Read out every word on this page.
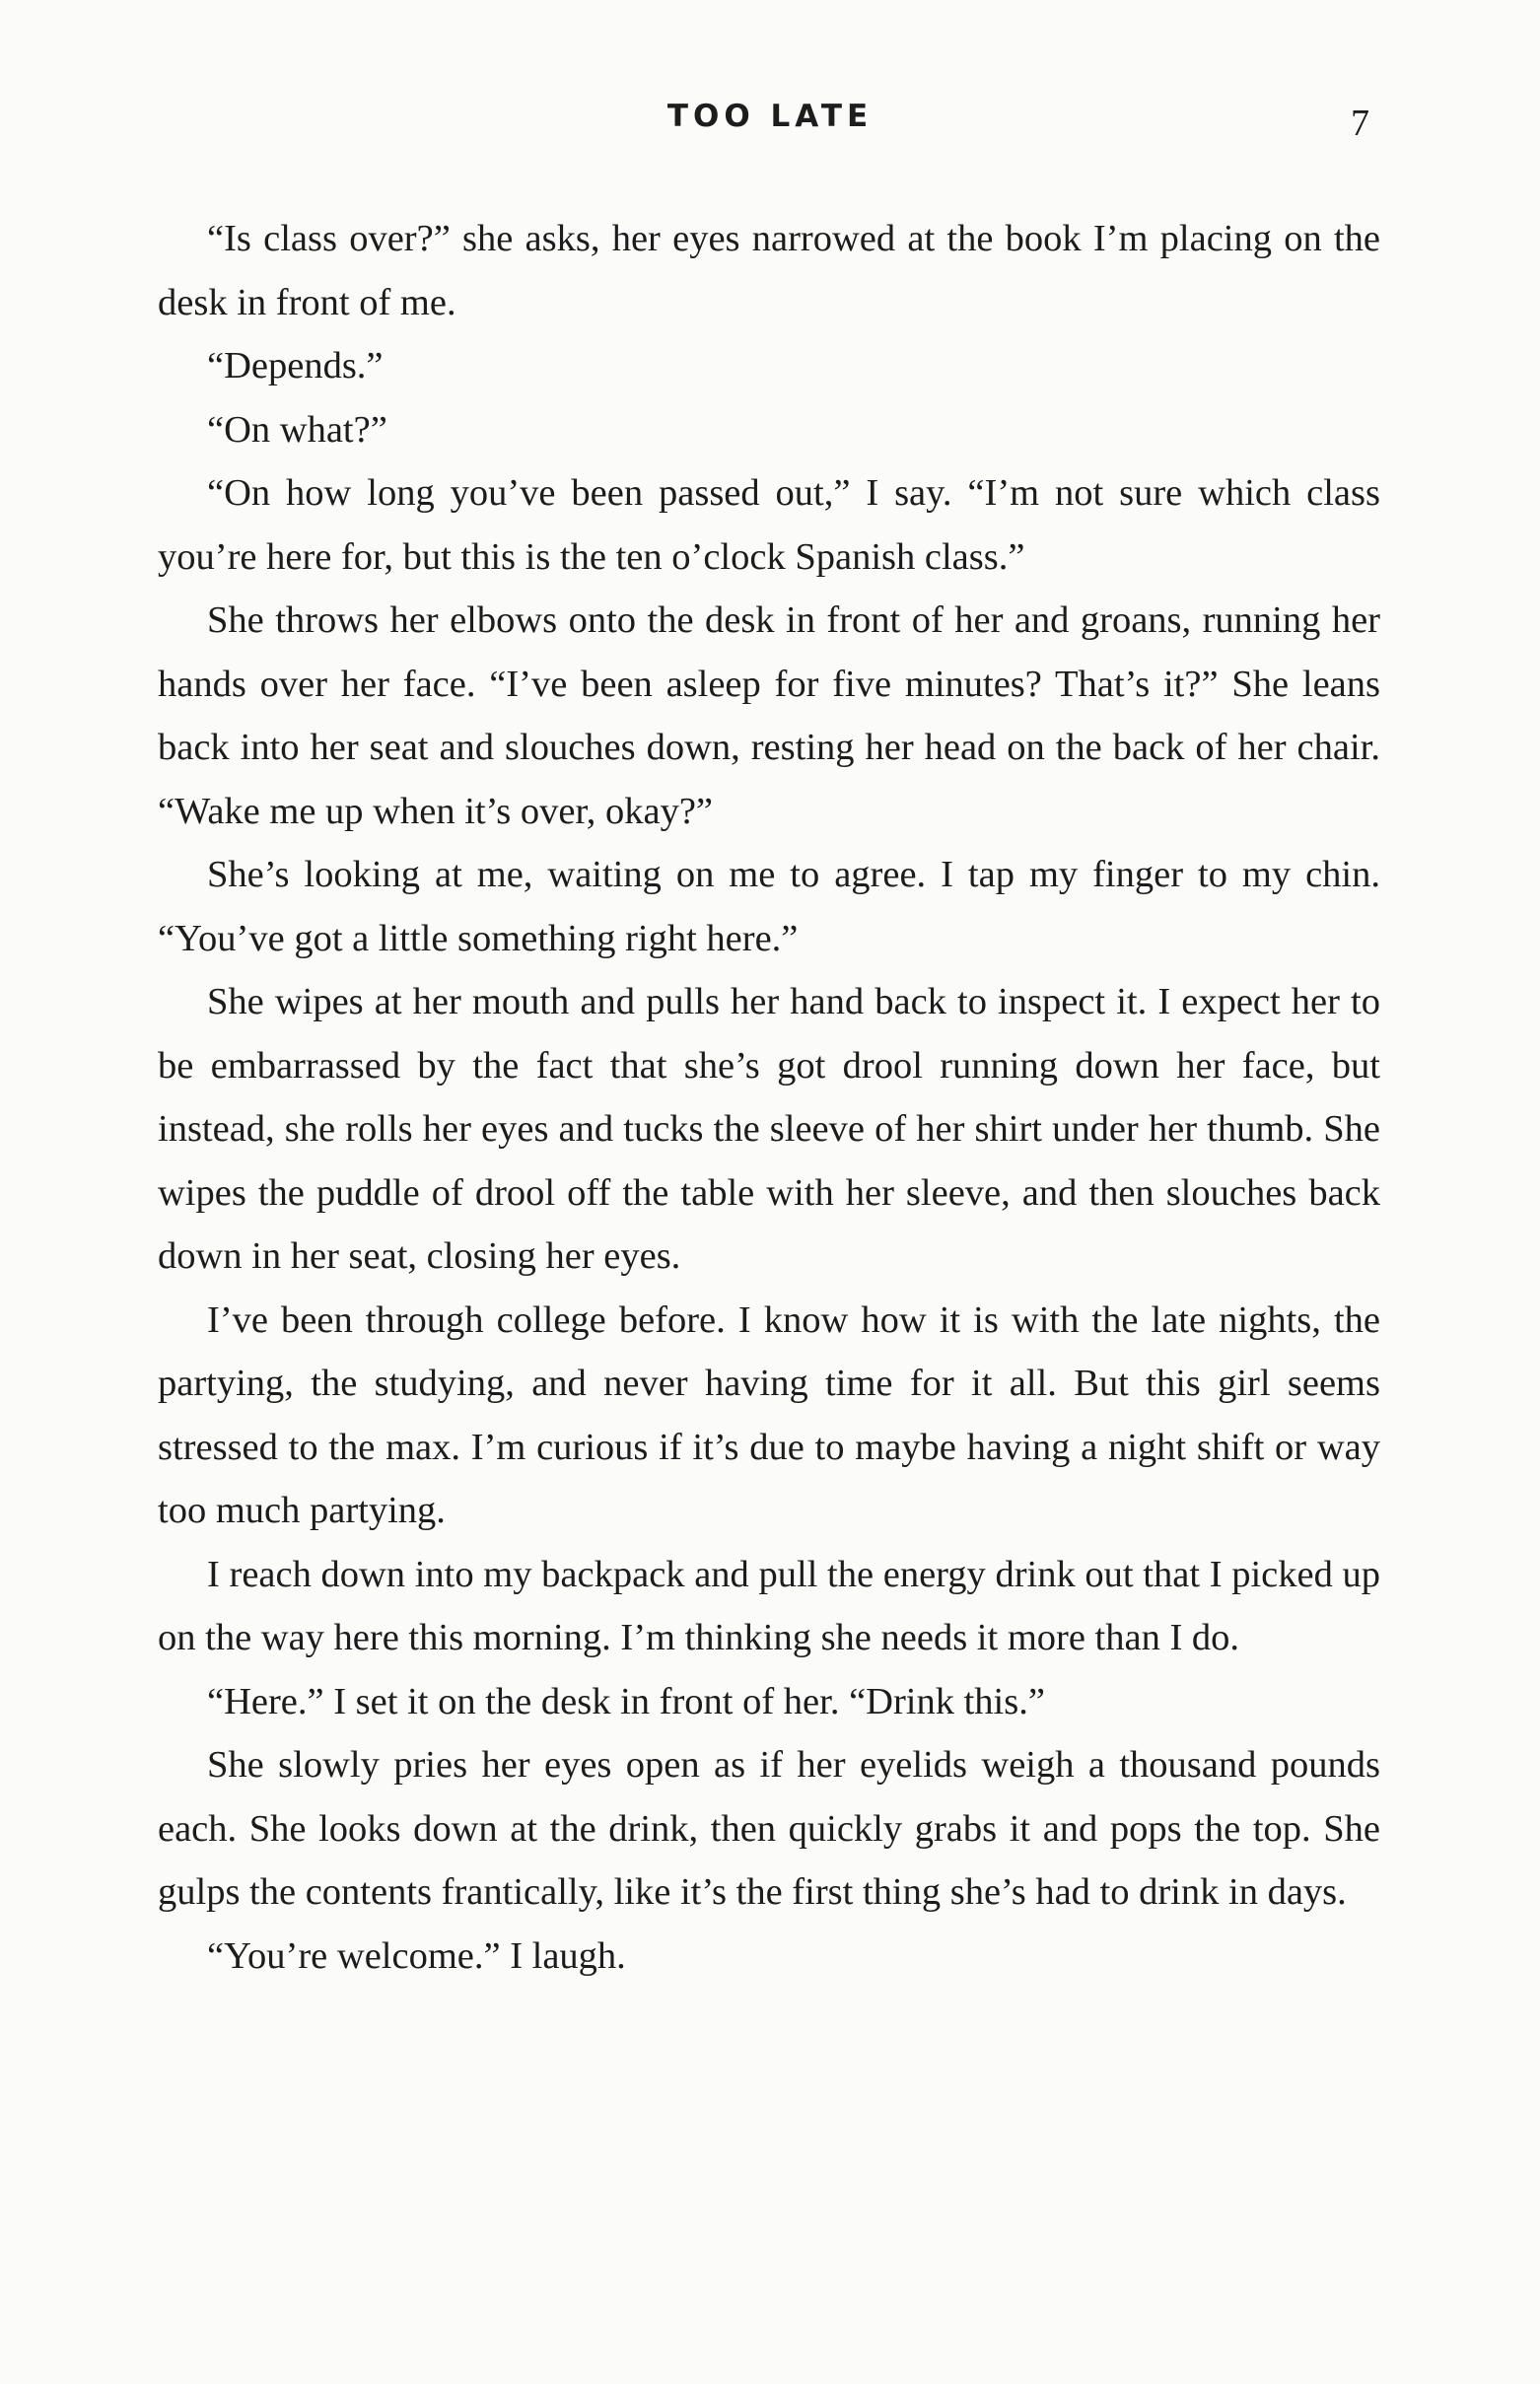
TOO LATE	7

“Is class over?” she asks, her eyes narrowed at the book I’m placing on the desk in front of me.

“Depends.”

“On what?”

“On how long you’ve been passed out,” I say. “I’m not sure which class you’re here for, but this is the ten o’clock Spanish class.”

She throws her elbows onto the desk in front of her and groans, running her hands over her face. “I’ve been asleep for five minutes? That’s it?” She leans back into her seat and slouches down, resting her head on the back of her chair. “Wake me up when it’s over, okay?”

She’s looking at me, waiting on me to agree. I tap my finger to my chin. “You’ve got a little something right here.”

She wipes at her mouth and pulls her hand back to inspect it. I expect her to be embarrassed by the fact that she’s got drool running down her face, but instead, she rolls her eyes and tucks the sleeve of her shirt under her thumb. She wipes the puddle of drool off the table with her sleeve, and then slouches back down in her seat, closing her eyes.

I’ve been through college before. I know how it is with the late nights, the partying, the studying, and never having time for it all. But this girl seems stressed to the max. I’m curious if it’s due to maybe having a night shift or way too much partying.

I reach down into my backpack and pull the energy drink out that I picked up on the way here this morning. I’m thinking she needs it more than I do.

“Here.” I set it on the desk in front of her. “Drink this.”

She slowly pries her eyes open as if her eyelids weigh a thousand pounds each. She looks down at the drink, then quickly grabs it and pops the top. She gulps the contents frantically, like it’s the first thing she’s had to drink in days.

“You’re welcome.” I laugh.
